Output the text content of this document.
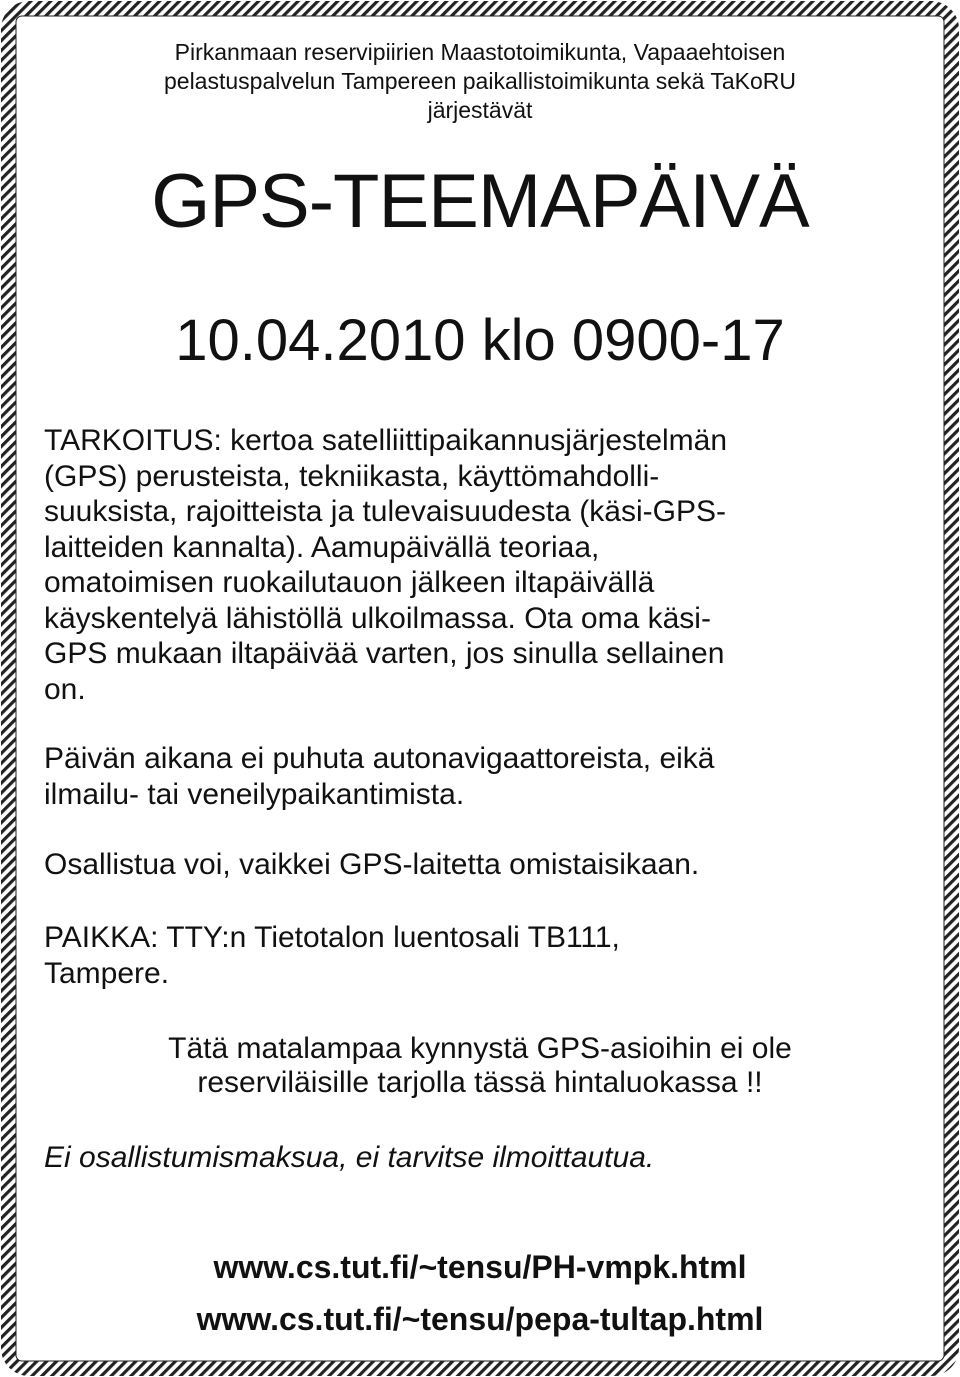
Pirkanmaan reservipiirien Maastotoimikunta, Vapaaehtoisen
pelastuspalvelun Tampereen paikallistoimikunta sekä TaKoRU
järjestävät
GPS-TEEMAPÄIVÄ
10.04.2010 klo 0900-17
TARKOITUS: kertoa satelliittipaikannusjärjestelmän
(GPS) perusteista, tekniikasta, käyttömahdolli-
suuksista, rajoitteista ja tulevaisuudesta (käsi-GPS-
laitteiden kannalta). Aamupäivällä teoriaa,
omatoimisen ruokailutauon jälkeen iltapäivällä
käyskentelyä lähistöllä ulkoilmassa. Ota oma käsi-
GPS mukaan iltapäivää varten, jos sinulla sellainen
on.
Päivän aikana ei puhuta autonavigaattoreista, eikä
ilmailu- tai veneilypaikantimista.
Osallistua voi, vaikkei GPS-laitetta omistaisikaan.
PAIKKA: TTY:n Tietotalon luentosali TB111,
Tampere.
Tätä matalampaa kynnystä GPS-asioihin ei ole
reserviläisille tarjolla tässä hintaluokassa !!
Ei osallistumismaksua, ei tarvitse ilmoittautua.
www.cs.tut.fi/~tensu/PH-vmpk.html
www.cs.tut.fi/~tensu/pepa-tultap.html
